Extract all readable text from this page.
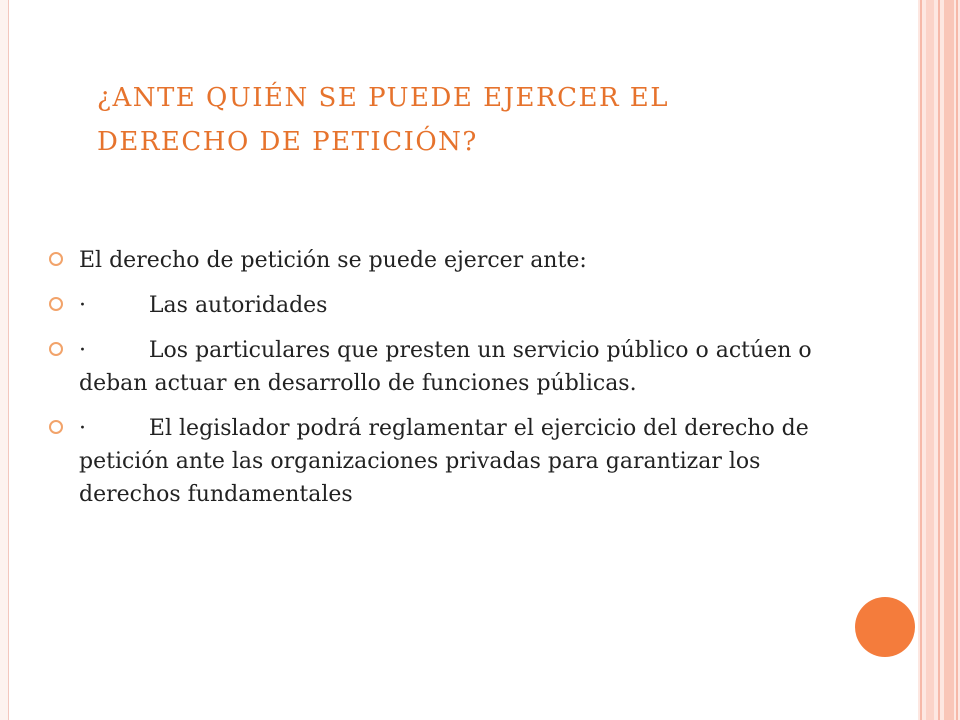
¿ANTE QUIÉN SE PUEDE EJERCER EL
DERECHO DE PETICIÓN?
El derecho de petición se puede ejercer ante:
·         Las autoridades
·         Los particulares que presten un servicio público o actúen o deban actuar en desarrollo de funciones públicas.
·         El legislador podrá reglamentar el ejercicio del derecho de petición ante las organizaciones privadas para garantizar los derechos fundamentales
